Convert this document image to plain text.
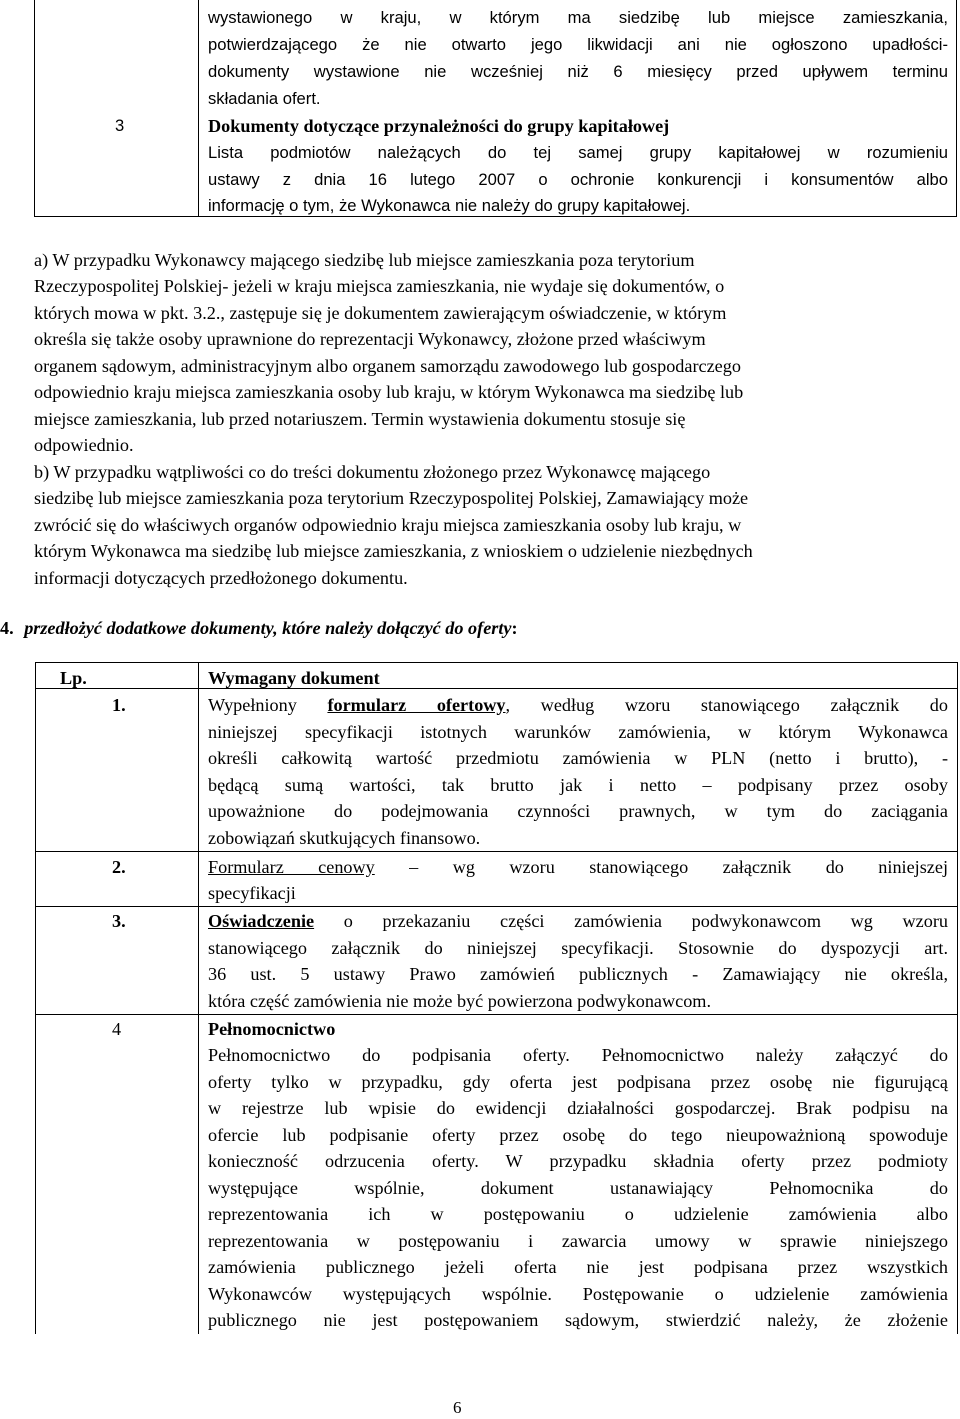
wystawionego w kraju, w którym ma siedzibę lub miejsce zamieszkania,
potwierdzającego że nie otwarto jego likwidacji ani nie ogłoszono upadłości-
dokumenty wystawione nie wcześniej niż 6 miesięcy przed upływem terminu
składania ofert.
3	Dokumenty dotyczące przynależności do grupy kapitałowej
Lista podmiotów należących do tej samej grupy kapitałowej w rozumieniu
ustawy z dnia 16 lutego 2007 o ochronie konkurencji i konsumentów albo
informację o tym, że Wykonawca nie należy do grupy kapitałowej.
a) W przypadku Wykonawcy mającego siedzibę lub miejsce zamieszkania poza terytorium
Rzeczypospolitej Polskiej- jeżeli w kraju miejsca zamieszkania, nie wydaje się dokumentów, o
których mowa w pkt. 3.2., zastępuje się je dokumentem zawierającym oświadczenie, w którym
określa się także osoby uprawnione do reprezentacji Wykonawcy, złożone przed właściwym
organem sądowym, administracyjnym albo organem samorządu zawodowego lub gospodarczego
odpowiednio kraju miejsca zamieszkania osoby lub kraju, w którym Wykonawca ma siedzibę lub
miejsce zamieszkania, lub przed notariuszem. Termin wystawienia dokumentu stosuje się
odpowiednio.
b) W przypadku wątpliwości co do treści dokumentu złożonego przez Wykonawcę mającego
siedzibę lub miejsce zamieszkania poza terytorium Rzeczypospolitej Polskiej, Zamawiający może
zwrócić się do właściwych organów odpowiednio kraju miejsca zamieszkania osoby lub kraju, w
którym Wykonawca ma siedzibę lub miejsce zamieszkania, z wnioskiem o udzielenie niezbędnych
informacji dotyczących przedłożonego dokumentu.
4. przedłożyć dodatkowe dokumenty, które należy dołączyć do oferty:
Lp.	Wymagany dokument
1.	Wypełniony formularz ofertowy, według wzoru stanowiącego załącznik do
niniejszej specyfikacji istotnych warunków zamówienia, w którym Wykonawca
określi całkowitą wartość przedmiotu zamówienia w PLN (netto i brutto), -
będącą sumą wartości, tak brutto jak i netto – podpisany przez osoby
upoważnione do podejmowania czynności prawnych, w tym do zaciągania
zobowiązań skutkujących finansowo.
2.	Formularz cenowy – wg wzoru stanowiącego załącznik do niniejszej
specyfikacji
3.	Oświadczenie o przekazaniu części zamówienia podwykonawcom wg wzoru
stanowiącego załącznik do niniejszej specyfikacji. Stosownie do dyspozycji art.
36 ust. 5 ustawy Prawo zamówień publicznych - Zamawiający nie określa,
która część zamówienia nie może być powierzona podwykonawcom.
4	Pełnomocnictwo
Pełnomocnictwo do podpisania oferty. Pełnomocnictwo należy załączyć do
oferty tylko w przypadku, gdy oferta jest podpisana przez osobę nie figurującą
w rejestrze lub wpisie do ewidencji działalności gospodarczej. Brak podpisu na
ofercie lub podpisanie oferty przez osobę do tego nieupoważnioną spowoduje
konieczność odrzucenia oferty. W przypadku składnia oferty przez podmioty
występujące wspólnie, dokument ustanawiający Pełnomocnika do
reprezentowania ich w postępowaniu o udzielenie zamówienia albo
reprezentowania w postępowaniu i zawarcia umowy w sprawie niniejszego
zamówienia publicznego jeżeli oferta nie jest podpisana przez wszystkich
Wykonawców występujących wspólnie. Postępowanie o udzielenie zamówienia
publicznego nie jest postępowaniem sądowym, stwierdzić należy, że złożenie
6
